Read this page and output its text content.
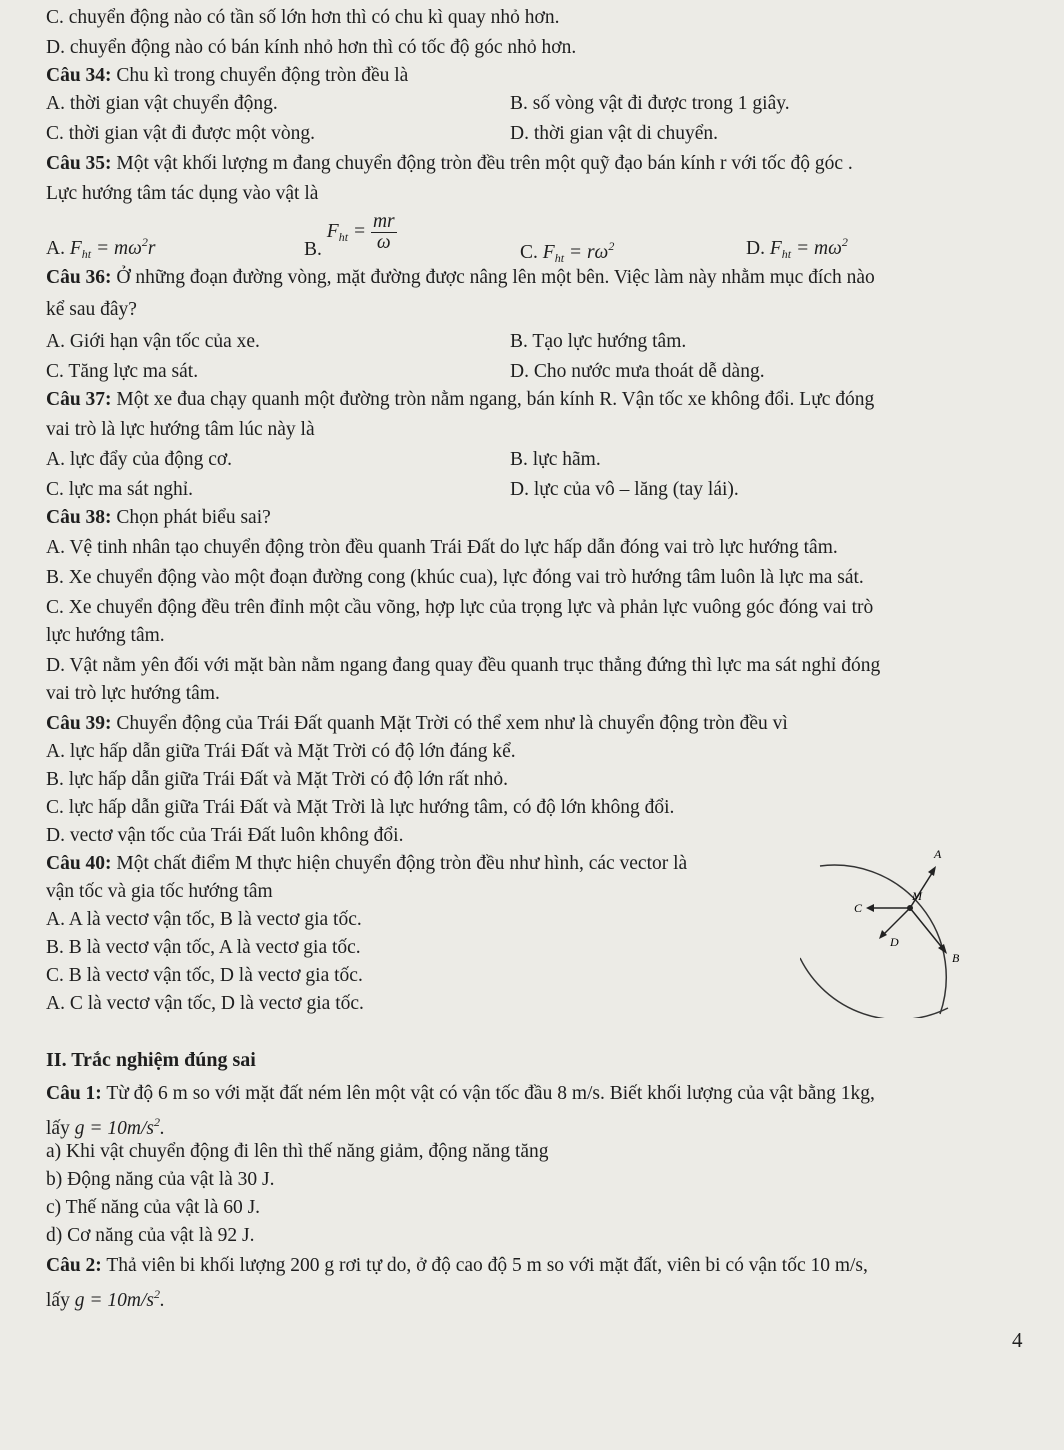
C. chuyển động nào có tần số lớn hơn thì có chu kì quay nhỏ hơn.
D. chuyển động nào có bán kính nhỏ hơn thì có tốc độ góc nhỏ hơn.
Câu 34: Chu kì trong chuyển động tròn đều là
A. thời gian vật chuyển động.	B. số vòng vật đi được trong 1 giây.
C. thời gian vật đi được một vòng.	D. thời gian vật di chuyển.
Câu 35: Một vật khối lượng m đang chuyển động tròn đều trên một quỹ đạo bán kính r với tốc độ góc .
Lực hướng tâm tác dụng vào vật là
A. $F_{ht} = m\omega^2r$	B. $F_{ht} = \frac{mr}{\omega}$	C. $F_{ht} = r\omega^2$	D. $F_{ht} = m\omega^2$
Câu 36: Ở những đoạn đường vòng, mặt đường được nâng lên một bên. Việc làm này nhằm mục đích nào
kể sau đây?
A. Giới hạn vận tốc của xe.	B. Tạo lực hướng tâm.
C. Tăng lực ma sát.	D. Cho nước mưa thoát dễ dàng.
Câu 37: Một xe đua chạy quanh một đường tròn nằm ngang, bán kính R. Vận tốc xe không đổi. Lực đóng
vai trò là lực hướng tâm lúc này là
A. lực đẩy của động cơ.	B. lực hãm.
C. lực ma sát nghỉ.	D. lực của vô – lăng (tay lái).
Câu 38: Chọn phát biểu sai?
A. Vệ tinh nhân tạo chuyển động tròn đều quanh Trái Đất do lực hấp dẫn đóng vai trò lực hướng tâm.
B. Xe chuyển động vào một đoạn đường cong (khúc cua), lực đóng vai trò hướng tâm luôn là lực ma sát.
C. Xe chuyển động đều trên đỉnh một cầu võng, hợp lực của trọng lực và phản lực vuông góc đóng vai trò
lực hướng tâm.
D. Vật nằm yên đối với mặt bàn nằm ngang đang quay đều quanh trục thẳng đứng thì lực ma sát nghỉ đóng
vai trò lực hướng tâm.
Câu 39: Chuyển động của Trái Đất quanh Mặt Trời có thể xem như là chuyển động tròn đều vì
A. lực hấp dẫn giữa Trái Đất và Mặt Trời có độ lớn đáng kể.
B. lực hấp dẫn giữa Trái Đất và Mặt Trời có độ lớn rất nhỏ.
C. lực hấp dẫn giữa Trái Đất và Mặt Trời là lực hướng tâm, có độ lớn không đổi.
D. vectơ vận tốc của Trái Đất luôn không đổi.
Câu 40: Một chất điểm M thực hiện chuyển động tròn đều như hình, các vector là
vận tốc và gia tốc hướng tâm
A. A là vectơ vận tốc, B là vectơ gia tốc.
B. B là vectơ vận tốc, A là vectơ gia tốc.
C. B là vectơ vận tốc, D là vectơ gia tốc.
A. C là vectơ vận tốc, D là vectơ gia tốc.
A
B
C
D
M
II. Trắc nghiệm đúng sai
Câu 1: Từ độ 6 m so với mặt đất ném lên một vật có vận tốc đầu 8 m/s. Biết khối lượng của vật bằng 1kg,
lấy $g = 10m/s^2$.
a) Khi vật chuyển động đi lên thì thế năng giảm, động năng tăng
b) Động năng của vật là 30 J.
c) Thế năng của vật là 60 J.
d) Cơ năng của vật là 92 J.
Câu 2: Thả viên bi khối lượng 200 g rơi tự do, ở độ cao độ 5 m so với mặt đất, viên bi có vận tốc 10 m/s,
lấy $g = 10m/s^2$.
4
